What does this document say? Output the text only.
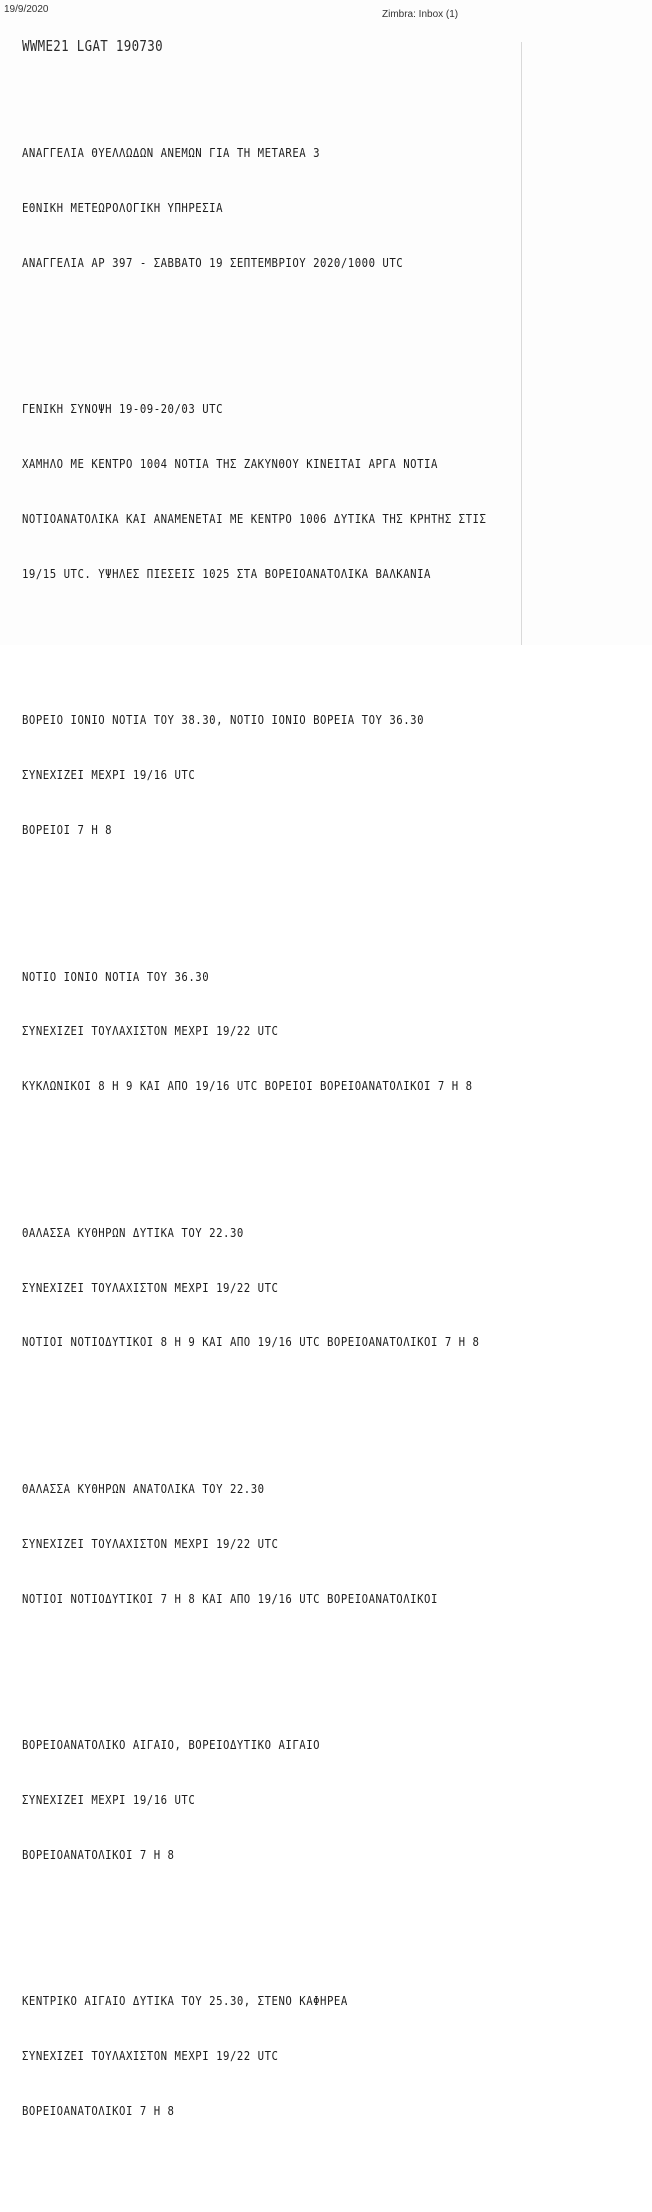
19/9/2020	Zimbra: Inbox (1)
WWME21 LGAT 190730

ΑΝΑΓΓΕΛΙΑ ΘΥΕΛΛΩΔΩΝ ΑΝΕΜΩΝ ΓΙΑ ΤΗ METAREA 3

ΕΘΝΙΚΗ ΜΕΤΕΩΡΟΛΟΓΙΚΗ ΥΠΗΡΕΣΙΑ

ΑΝΑΓΓΕΛΙΑ ΑΡ 397 - ΣΑΒΒΑΤΟ 19 ΣΕΠΤΕΜΒΡΙΟΥ 2020/1000 UTC

ΓΕΝΙΚΗ ΣΥΝΟΨΗ 19-09-20/03 UTC

ΧΑΜΗΛΟ ΜΕ ΚΕΝΤΡΟ 1004 ΝΟΤΙΑ ΤΗΣ ΖΑΚΥΝΘΟΥ ΚΙΝΕΙΤΑΙ ΑΡΓΑ ΝΟΤΙΑ

ΝΟΤΙΟΑΝΑΤΟΛΙΚΑ ΚΑΙ ΑΝΑΜΕΝΕΤΑΙ ΜΕ ΚΕΝΤΡΟ 1006 ΔΥΤΙΚΑ ΤΗΣ ΚΡΗΤΗΣ ΣΤΙΣ

19/15 UTC. ΥΨΗΛΕΣ ΠΙΕΣΕΙΣ 1025 ΣΤΑ ΒΟΡΕΙΟΑΝΑΤΟΛΙΚΑ ΒΑΛΚΑΝΙΑ

ΒΟΡΕΙΟ ΙΟΝΙΟ ΝΟΤΙΑ ΤΟΥ 38.30, ΝΟΤΙΟ ΙΟΝΙΟ ΒΟΡΕΙΑ ΤΟΥ 36.30

ΣΥΝΕΧΙΖΕΙ ΜΕΧΡΙ 19/16 UTC

ΒΟΡΕΙΟΙ 7 Η 8

ΝΟΤΙΟ ΙΟΝΙΟ ΝΟΤΙΑ ΤΟΥ 36.30

ΣΥΝΕΧΙΖΕΙ ΤΟΥΛΑΧΙΣΤΟΝ ΜΕΧΡΙ 19/22 UTC

ΚΥΚΛΩΝΙΚΟΙ 8 Η 9 ΚΑΙ ΑΠΟ 19/16 UTC ΒΟΡΕΙΟΙ ΒΟΡΕΙΟΑΝΑΤΟΛΙΚΟΙ 7 Η 8

ΘΑΛΑΣΣΑ ΚΥΘΗΡΩΝ ΔΥΤΙΚΑ ΤΟΥ 22.30

ΣΥΝΕΧΙΖΕΙ ΤΟΥΛΑΧΙΣΤΟΝ ΜΕΧΡΙ 19/22 UTC

ΝΟΤΙΟΙ ΝΟΤΙΟΔΥΤΙΚΟΙ 8 Η 9 ΚΑΙ ΑΠΟ 19/16 UTC ΒΟΡΕΙΟΑΝΑΤΟΛΙΚΟΙ 7 Η 8

ΘΑΛΑΣΣΑ ΚΥΘΗΡΩΝ ΑΝΑΤΟΛΙΚΑ ΤΟΥ 22.30

ΣΥΝΕΧΙΖΕΙ ΤΟΥΛΑΧΙΣΤΟΝ ΜΕΧΡΙ 19/22 UTC

ΝΟΤΙΟΙ ΝΟΤΙΟΔΥΤΙΚΟΙ 7 Η 8 ΚΑΙ ΑΠΟ 19/16 UTC ΒΟΡΕΙΟΑΝΑΤΟΛΙΚΟΙ

ΒΟΡΕΙΟΑΝΑΤΟΛΙΚΟ ΑΙΓΑΙΟ, ΒΟΡΕΙΟΔΥΤΙΚΟ ΑΙΓΑΙΟ

ΣΥΝΕΧΙΖΕΙ ΜΕΧΡΙ 19/16 UTC

ΒΟΡΕΙΟΑΝΑΤΟΛΙΚΟΙ 7 Η 8

ΚΕΝΤΡΙΚΟ ΑΙΓΑΙΟ ΔΥΤΙΚΑ ΤΟΥ 25.30, ΣΤΕΝΟ ΚΑΦΗΡΕΑ

ΣΥΝΕΧΙΖΕΙ ΤΟΥΛΑΧΙΣΤΟΝ ΜΕΧΡΙ 19/22 UTC

ΒΟΡΕΙΟΑΝΑΤΟΛΙΚΟΙ 7 Η 8
